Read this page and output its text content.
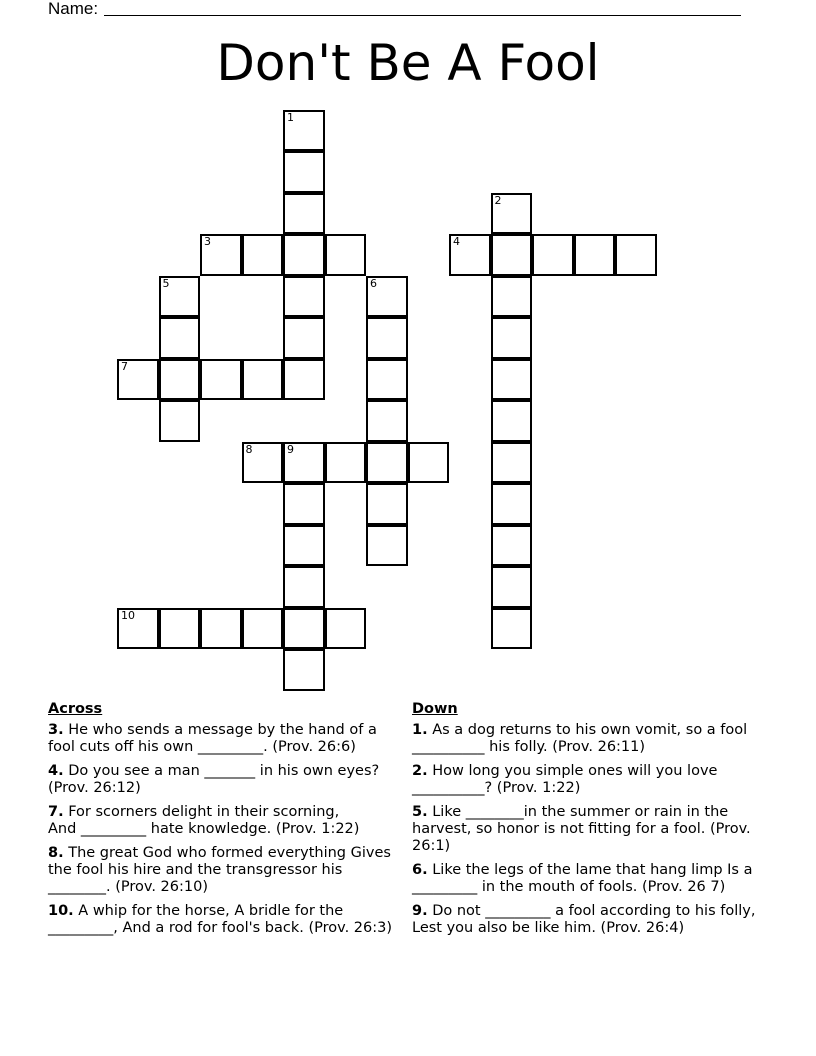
Name:
Don't Be A Fool
1
3
2
5	6
7
8	9
10
4
Across
3. He who sends a message by the hand of a fool cuts off his own _________. (Prov. 26:6)
4. Do you see a man _______ in his own eyes? (Prov. 26:12)
7. For scorners delight in their scorning,
And _________ hate knowledge. (Prov. 1:22)
8. The great God who formed everything Gives the fool his hire and the transgressor his ________. (Prov. 26:10)
10. A whip for the horse, A bridle for the _________, And a rod for fool's back. (Prov. 26:3)
Down
1. As a dog returns to his own vomit, so a fool __________ his folly. (Prov. 26:11)
2. How long you simple ones will you love __________? (Prov. 1:22)
5. Like ________in the summer or rain in the harvest, so honor is not fitting for a fool. (Prov. 26:1)
6. Like the legs of the lame that hang limp Is a _________ in the mouth of fools. (Prov. 26 7)
9. Do not _________ a fool according to his folly, Lest you also be like him. (Prov. 26:4)
